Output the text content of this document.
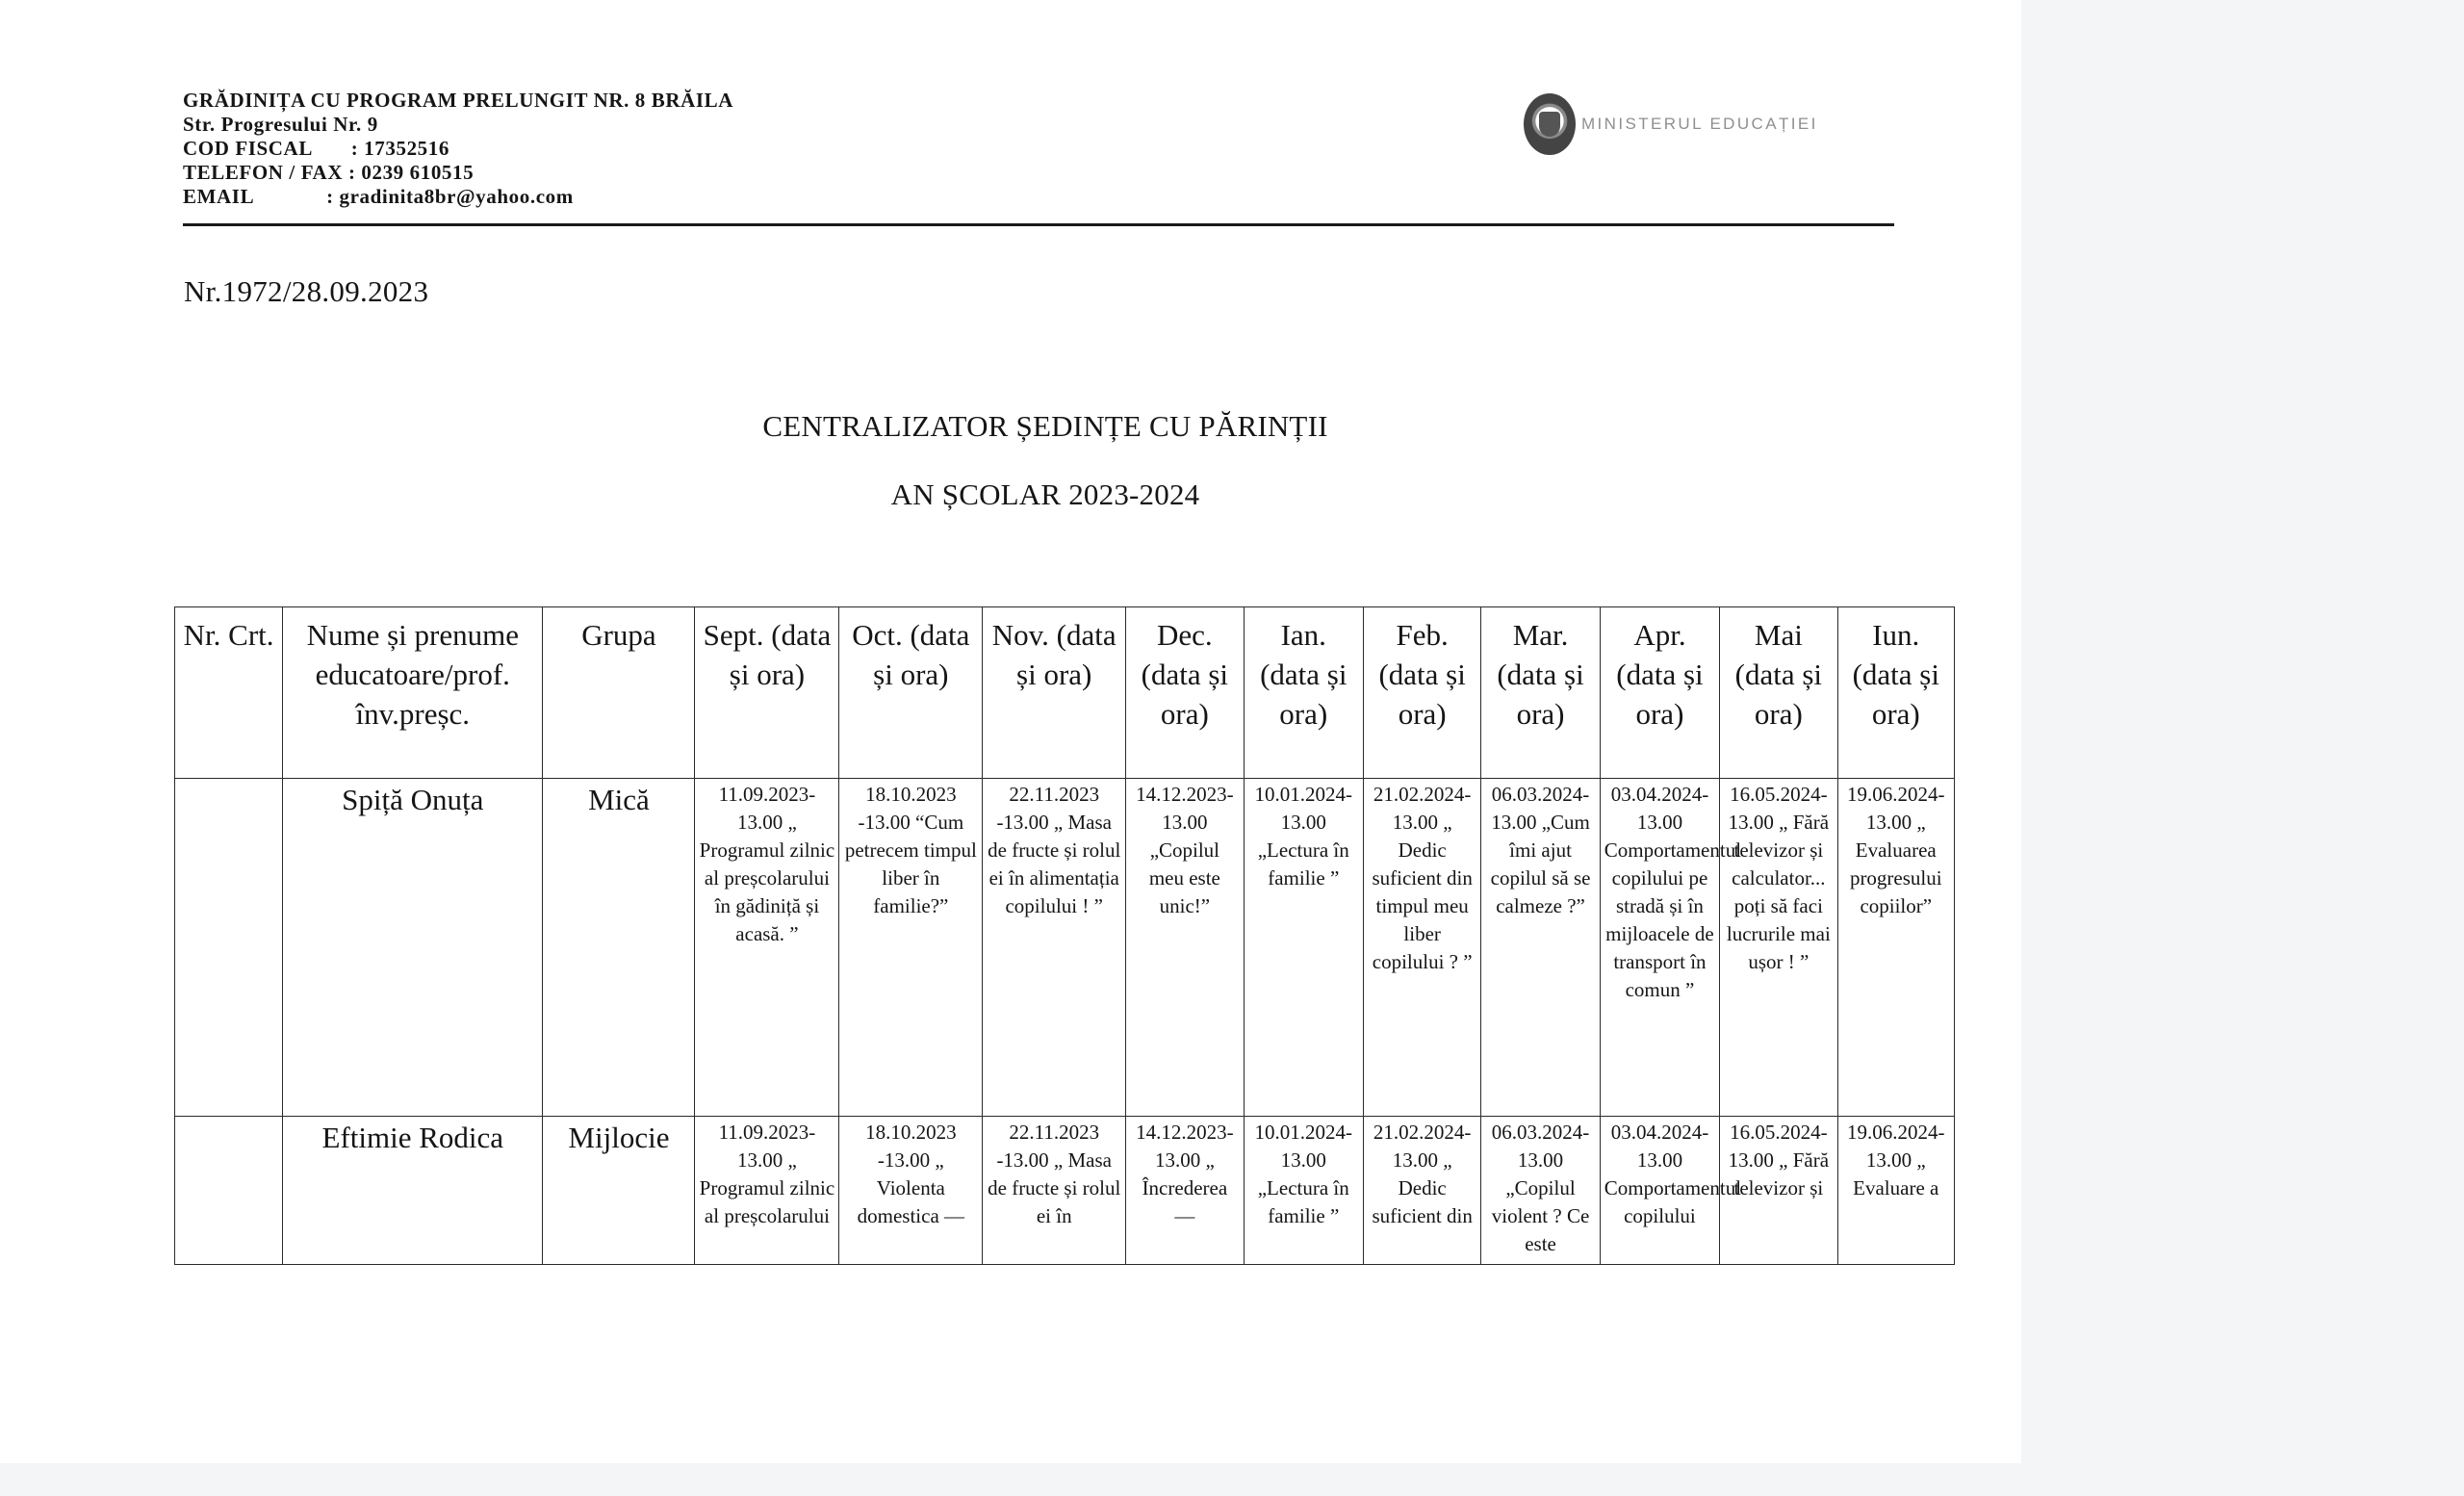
GRĂDINIȚA CU PROGRAM PRELUNGIT NR. 8 BRĂILA
Str. Progresului Nr. 9
COD FISCAL       : 17352516
TELEFON / FAX : 0239 610515
EMAIL             : gradinita8br@yahoo.com
MINISTERUL EDUCAȚIEI
Nr.1972/28.09.2023
CENTRALIZATOR ȘEDINȚE CU PĂRINȚII
AN ȘCOLAR 2023-2024
Nr. Crt.	Nume și prenume educatoare/prof. înv.preșc.	Grupa	Sept. (data și ora)	Oct. (data și ora)	Nov. (data și ora)	Dec. (data și ora)	Ian. (data și ora)	Feb. (data și ora)	Mar. (data și ora)	Apr. (data și ora)	Mai (data și ora)	Iun. (data și ora)
	Spiță Onuța	Mică	11.09.2023-13.00 „ Programul zilnic al preșcolarului în gădiniță și acasă. ”	18.10.2023 -13.00 “Cum petrecem timpul liber în familie?”	22.11.2023 -13.00 „ Masa de fructe și rolul ei în alimentația copilului ! ”	14.12.2023-13.00 „Copilul meu este unic!”	10.01.2024-13.00 „Lectura în familie ”	21.02.2024-13.00 „ Dedic suficient din timpul meu liber copilului ? ”	06.03.2024-13.00 „Cum îmi ajut copilul să se calmeze ?”	03.04.2024-13.00 Comportamentul copilului pe stradă și în mijloacele de transport în comun ”	16.05.2024-13.00 „ Fără televizor și calculator... poți să faci lucrurile mai ușor ! ”	19.06.2024-13.00 „ Evaluarea progresului copiilor”
	Eftimie Rodica	Mijlocie	11.09.2023-13.00 „ Programul zilnic al preșcolarului	18.10.2023 -13.00 „ Violenta domestica —	22.11.2023 -13.00 „ Masa de fructe și rolul ei în	14.12.2023-13.00 „ Încrederea —	10.01.2024-13.00 „Lectura în familie ”	21.02.2024-13.00 „ Dedic suficient din	06.03.2024-13.00 „Copilul violent ? Ce este	03.04.2024-13.00 Comportamentul copilului	16.05.2024-13.00 „ Fără televizor și	19.06.2024-13.00 „ Evaluare a
